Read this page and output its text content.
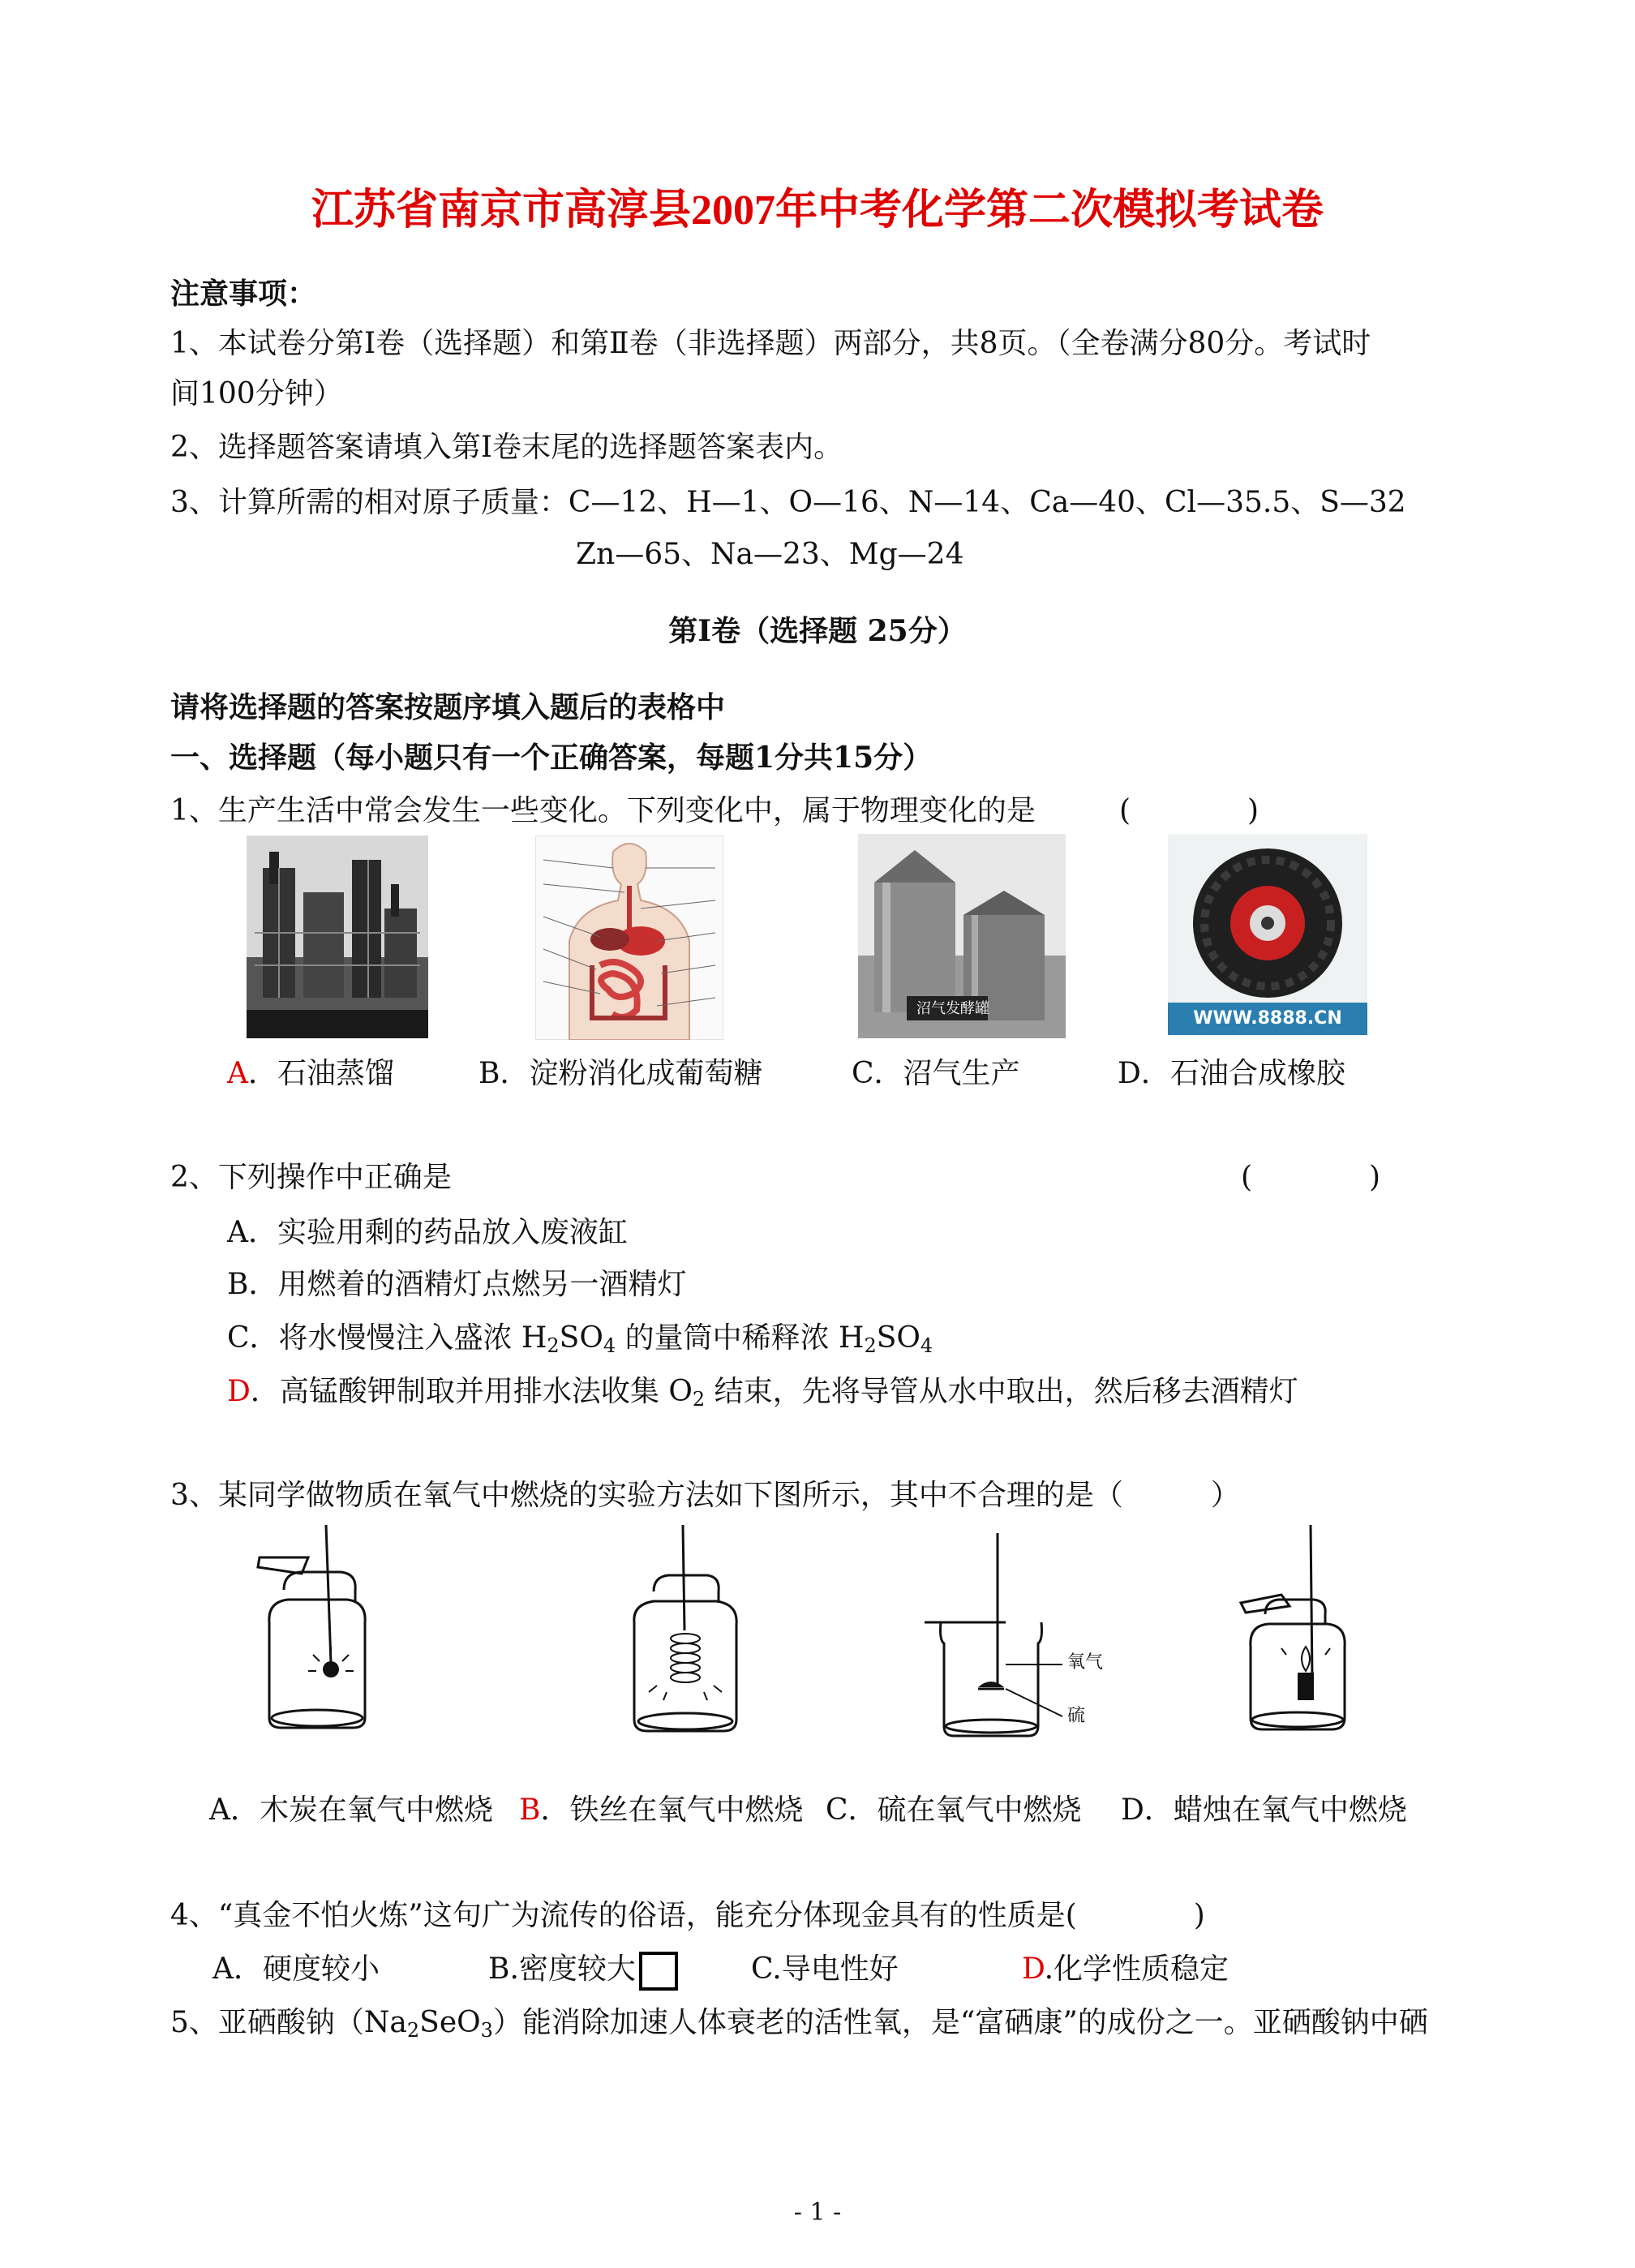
江苏省南京市高淳县2007年中考化学第二次模拟考试卷
注意事项：
1、本试卷分第Ⅰ卷（选择题）和第Ⅱ卷（非选择题）两部分，共8页。（全卷满分80分。考试时
间100分钟）
2、选择题答案请填入第Ⅰ卷末尾的选择题答案表内。
3、计算所需的相对原子质量：C—12、H—1、O—16、N—14、Ca—40、Cl—35.5、S—32
Zn—65、Na—23、Mg—24
第Ⅰ卷（选择题 25分）
请将选择题的答案按题序填入题后的表格中
一、选择题（每小题只有一个正确答案，每题1分共15分）
1、生产生活中常会发生一些变化。下列变化中，属于物理变化的是	(　　　　)
沼气发酵罐	WWW.8888.CN
A．石油蒸馏	B．淀粉消化成葡萄糖	C．沼气生产	D．石油合成橡胶
2、下列操作中正确是	(　　　　)
A．实验用剩的药品放入废液缸
B．用燃着的酒精灯点燃另一酒精灯
C．将水慢慢注入盛浓 $H_2SO_4$ 的量筒中稀释浓 $H_2SO_4$
D．高锰酸钾制取并用排水法收集 $O_2$ 结束，先将导管从水中取出，然后移去酒精灯
3、某同学做物质在氧气中燃烧的实验方法如下图所示，其中不合理的是（　　　）
氧气
硫
A．木炭在氧气中燃烧 B．铁丝在氧气中燃烧 C．硫在氧气中燃烧 D．蜡烛在氧气中燃烧
4、“真金不怕火炼”这句广为流传的俗语，能充分体现金具有的性质是(　　　　)
A．硬度较小	B.密度较大	C.导电性好	D.化学性质稳定
5、亚硒酸钠$(Na_2SeO_3)$能消除加速人体衰老的活性氧，是“富硒康”的成份之一。亚硒酸钠中硒
- 1 -
